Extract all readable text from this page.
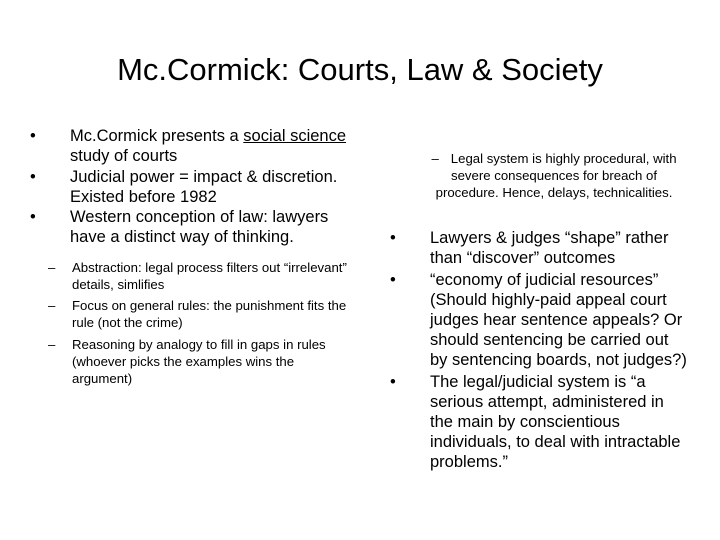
Mc.Cormick: Courts, Law & Society
• Mc.Cormick presents a social science study of courts
• Judicial power = impact & discretion. Existed before 1982
• Western conception of law: lawyers have a distinct way of thinking.
– Abstraction: legal process filters out “irrelevant” details, simlifies
– Focus on general rules: the punishment fits the rule (not the crime)
– Reasoning by analogy to fill in gaps in rules (whoever picks the examples wins the argument)
– Legal system is highly procedural, with severe consequences for breach of procedure. Hence, delays, technicalities.
• Lawyers & judges “shape” rather than “discover” outcomes
• “economy of judicial resources” (Should highly-paid appeal court judges hear sentence appeals? Or should sentencing be carried out by sentencing boards, not judges?)
• The legal/judicial system is “a serious attempt, administered in the main by conscientious individuals, to deal with intractable problems.”
